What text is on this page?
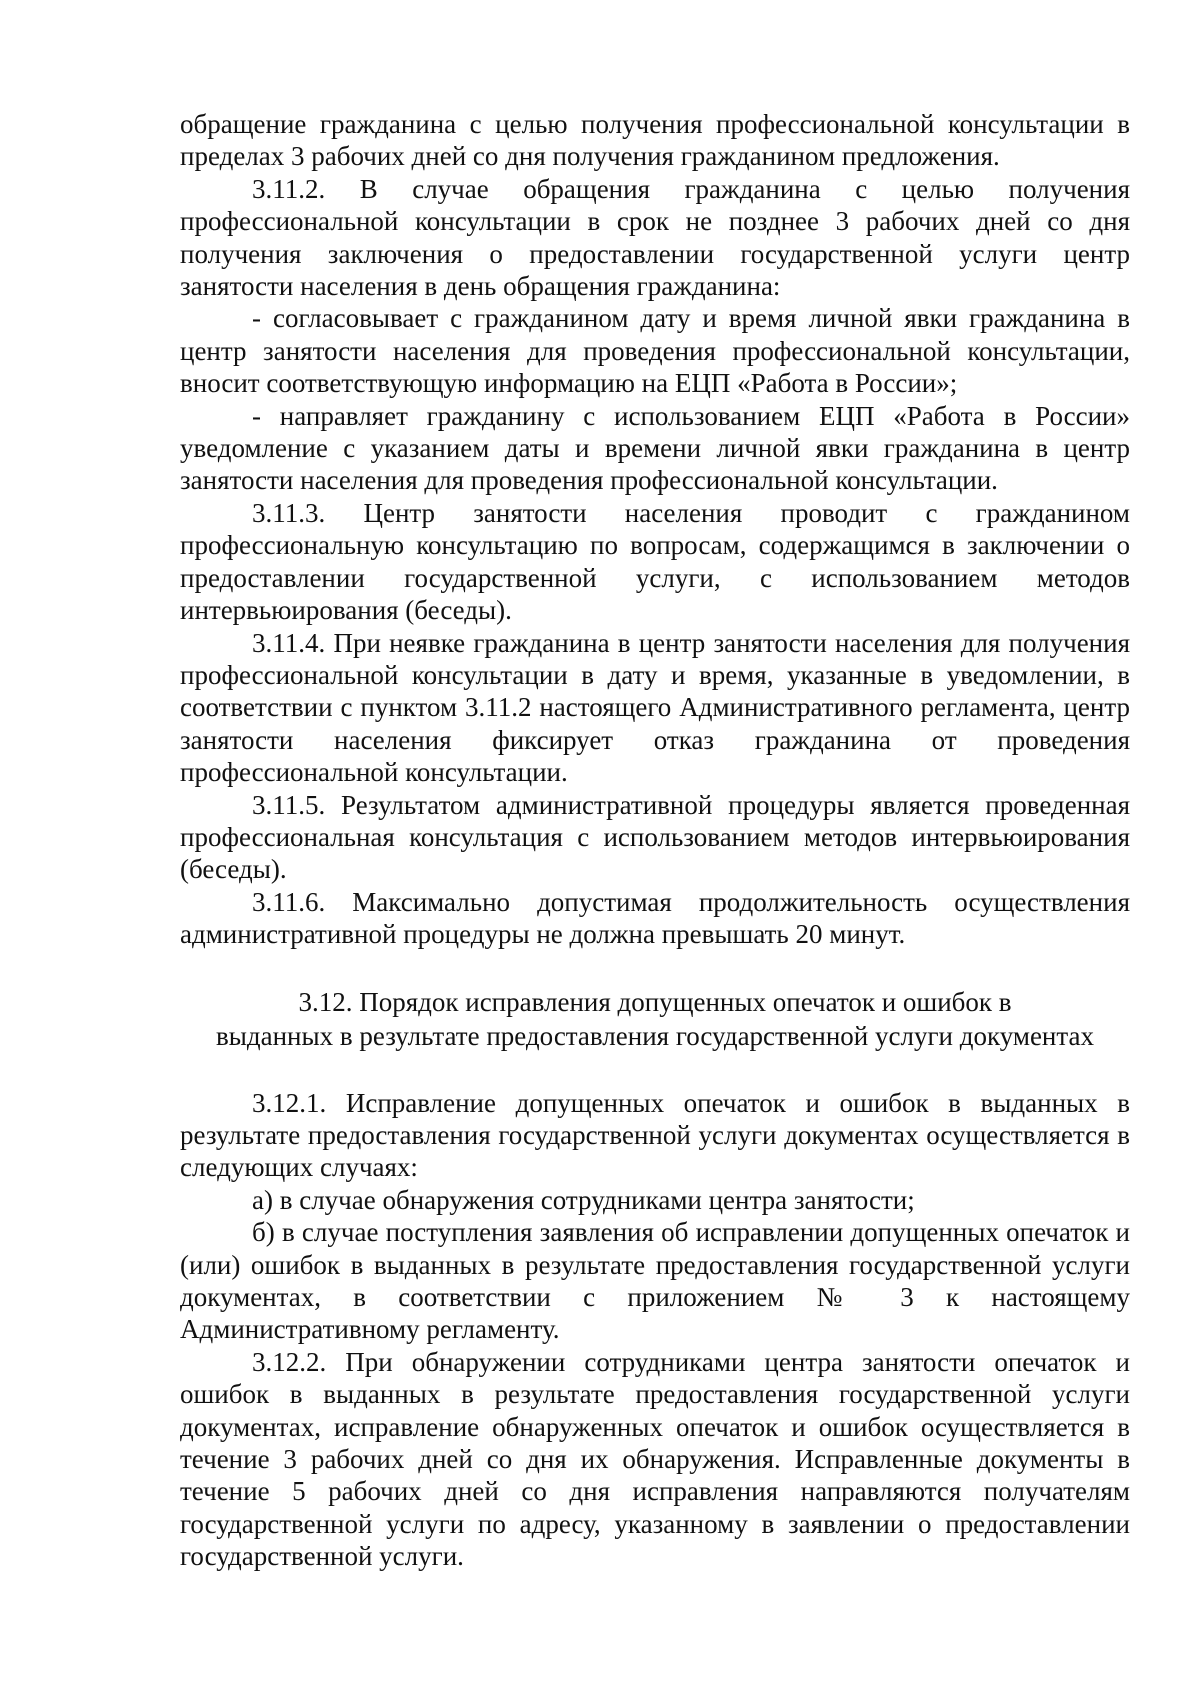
обращение гражданина с целью получения профессиональной консультации в пределах 3 рабочих дней со дня получения гражданином предложения.

3.11.2. В случае обращения гражданина с целью получения профессиональной консультации в срок не позднее 3 рабочих дней со дня получения заключения о предоставлении государственной услуги центр занятости населения в день обращения гражданина:

- согласовывает с гражданином дату и время личной явки гражданина в центр занятости населения для проведения профессиональной консультации, вносит соответствующую информацию на ЕЦП «Работа в России»;

- направляет гражданину с использованием ЕЦП «Работа в России» уведомление с указанием даты и времени личной явки гражданина в центр занятости населения для проведения профессиональной консультации.

3.11.3. Центр занятости населения проводит с гражданином профессиональную консультацию по вопросам, содержащимся в заключении о предоставлении государственной услуги, с использованием методов интервьюирования (беседы).

3.11.4. При неявке гражданина в центр занятости населения для получения профессиональной консультации в дату и время, указанные в уведомлении, в соответствии с пунктом 3.11.2 настоящего Административного регламента, центр занятости населения фиксирует отказ гражданина от проведения профессиональной консультации.

3.11.5. Результатом административной процедуры является проведенная профессиональная консультация с использованием методов интервьюирования (беседы).

3.11.6. Максимально допустимая продолжительность осуществления административной процедуры не должна превышать 20 минут.

3.12. Порядок исправления допущенных опечаток и ошибок в

выданных в результате предоставления государственной услуги документах

3.12.1. Исправление допущенных опечаток и ошибок в выданных в результате предоставления государственной услуги документах осуществляется в следующих случаях:

а) в случае обнаружения сотрудниками центра занятости;

б) в случае поступления заявления об исправлении допущенных опечаток и (или) ошибок в выданных в результате предоставления государственной услуги документах, в соответствии с приложением № 3 к настоящему Административному регламенту.

3.12.2. При обнаружении сотрудниками центра занятости опечаток и ошибок в выданных в результате предоставления государственной услуги документах, исправление обнаруженных опечаток и ошибок осуществляется в течение 3 рабочих дней со дня их обнаружения. Исправленные документы в течение 5 рабочих дней со дня исправления направляются получателям государственной услуги по адресу, указанному в заявлении о предоставлении государственной услуги.
